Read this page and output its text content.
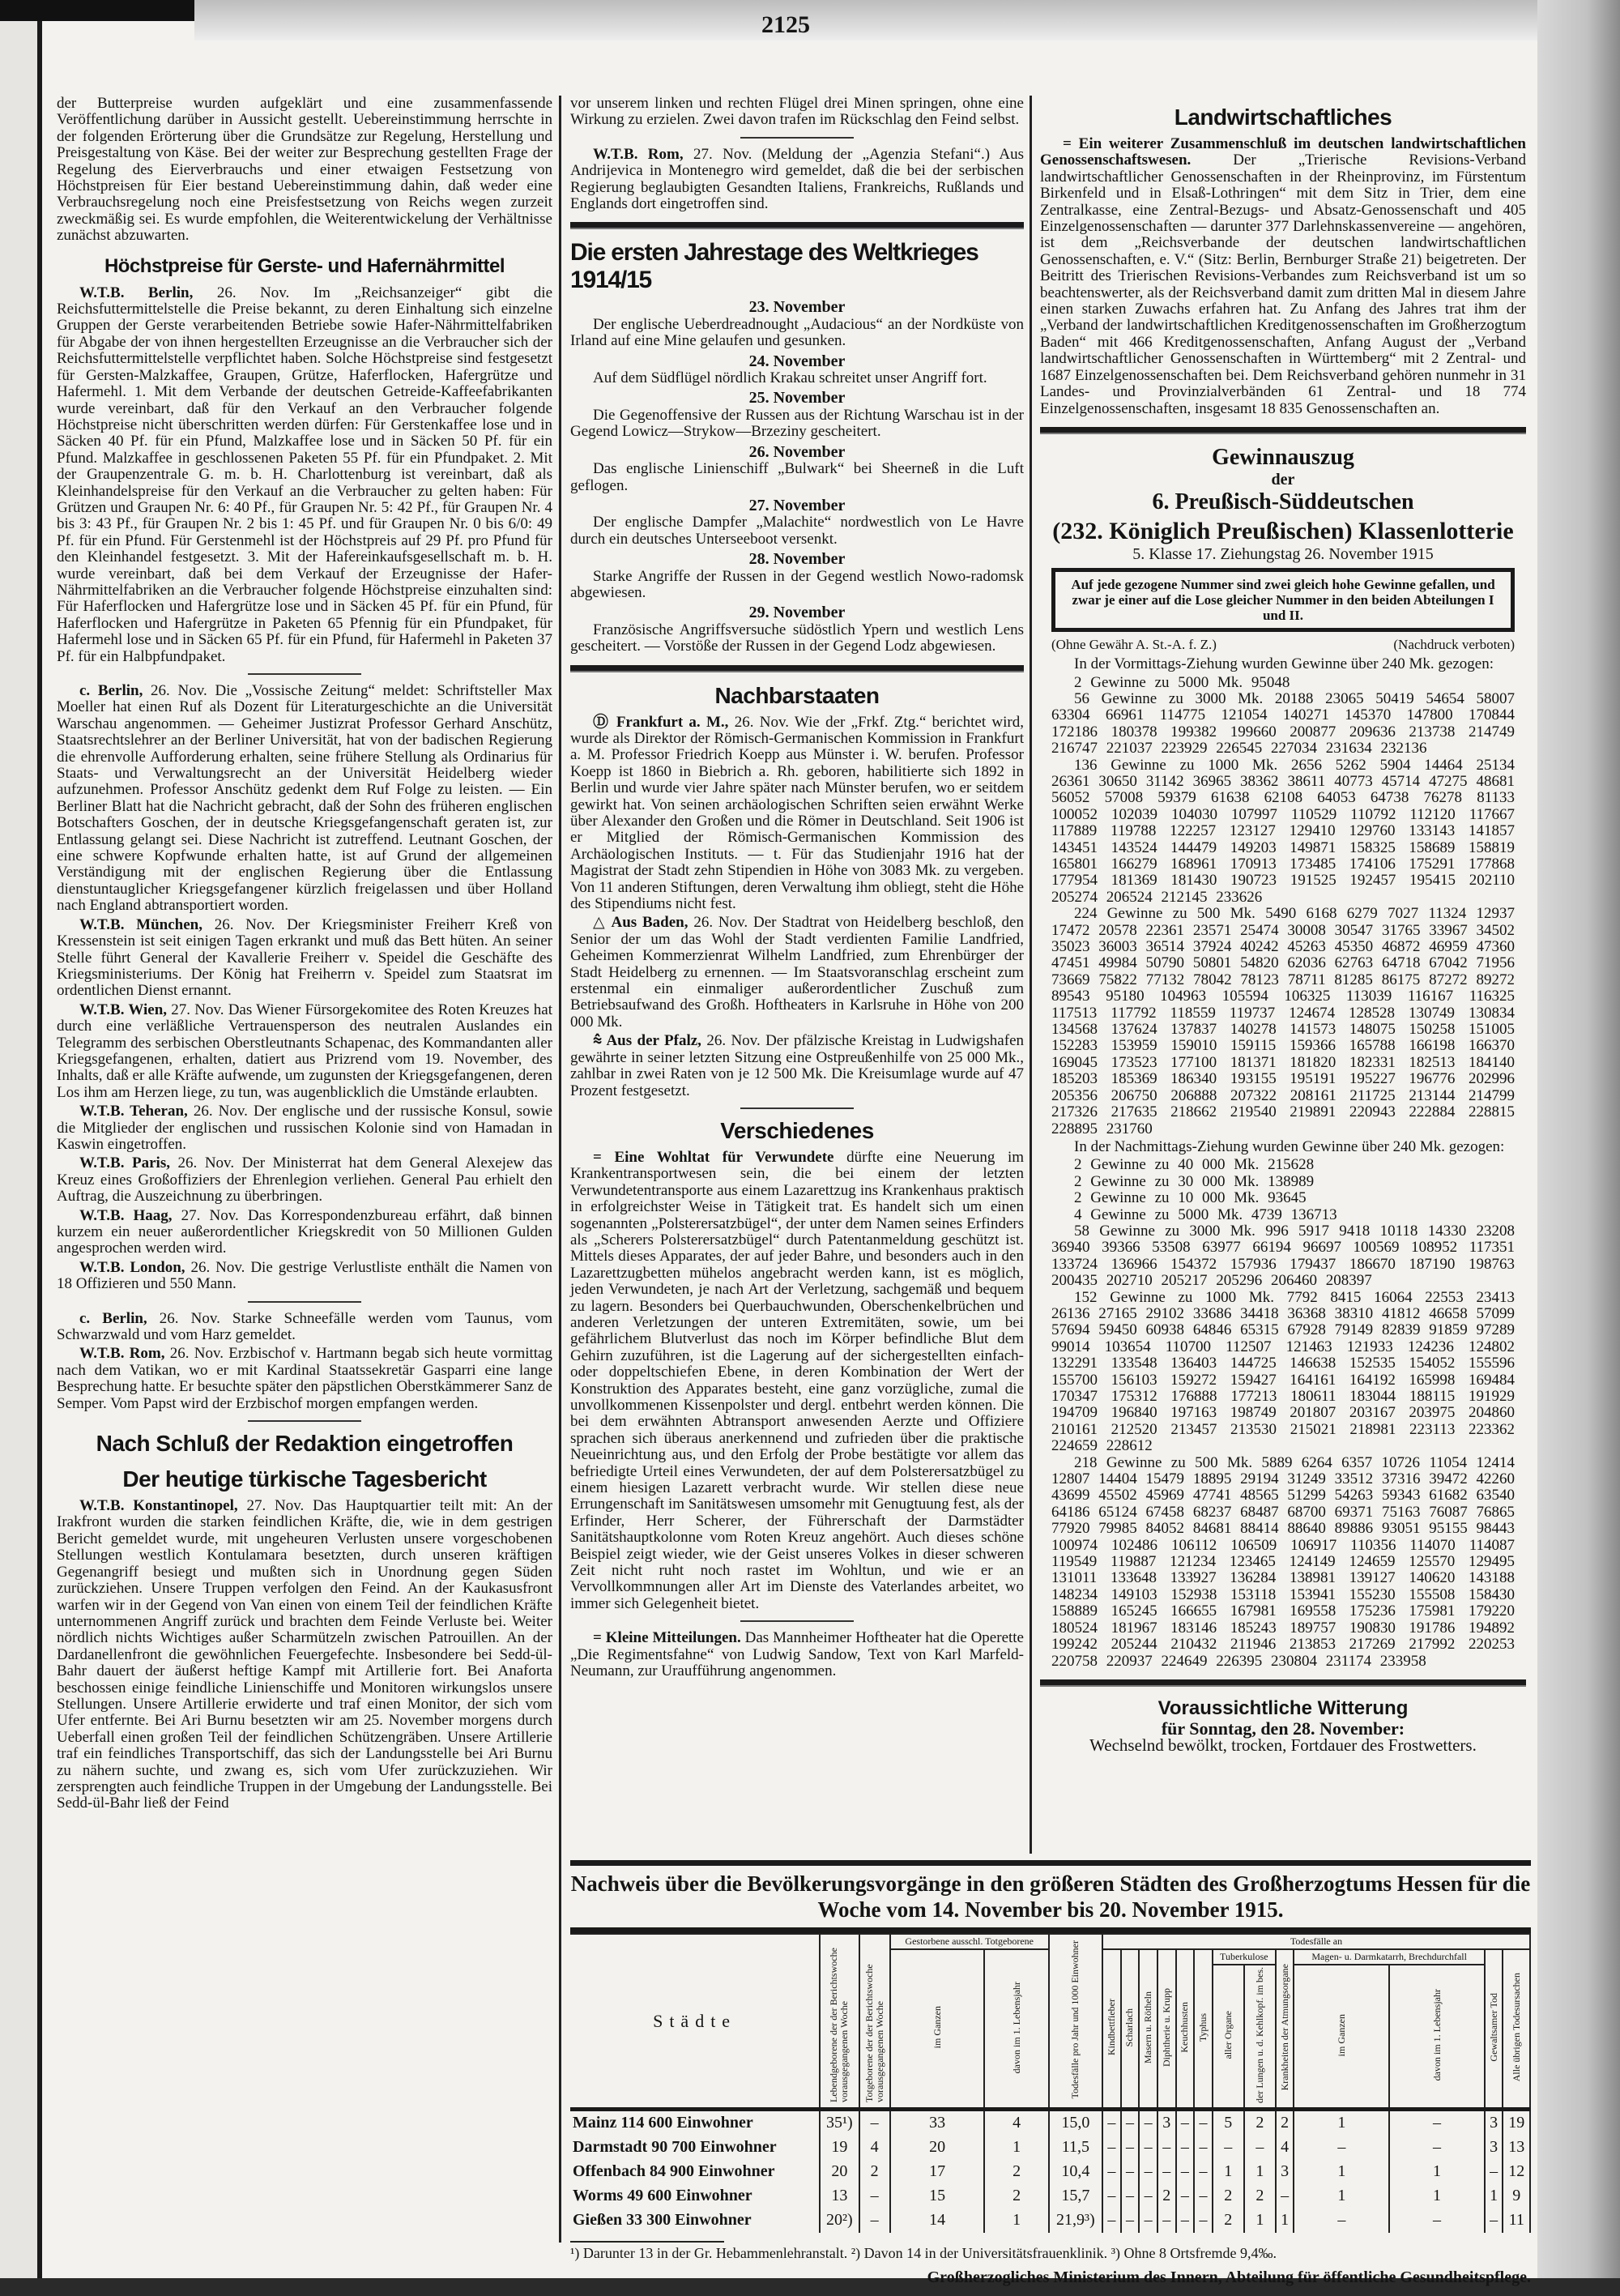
2125

der Butterpreise wurden aufgeklärt und eine zusammenfassende Veröffentlichung darüber in Aussicht gestellt. Uebereinstimmung herrschte in der folgenden Erörterung über die Grundsätze zur Regelung, Herstellung und Preisgestaltung von Käse. Bei der weiter zur Besprechung gestellten Frage der Regelung des Eierverbrauchs und einer etwaigen Festsetzung von Höchstpreisen für Eier bestand Uebereinstimmung dahin, daß weder eine Verbrauchsregelung noch eine Preisfestsetzung von Reichs wegen zurzeit zweckmäßig sei. Es wurde empfohlen, die Weiterentwickelung der Verhältnisse zunächst abzuwarten.

Höchstpreise für Gerste- und Hafernährmittel

W.T.B. Berlin, 26. Nov. Im „Reichsanzeiger“ gibt die Reichsfuttermittelstelle die Preise bekannt, zu deren Einhaltung sich einzelne Gruppen der Gerste verarbeitenden Betriebe sowie Hafer-Nährmittelfabriken für Abgabe der von ihnen hergestellten Erzeugnisse an die Verbraucher sich der Reichsfuttermittelstelle verpflichtet haben. Solche Höchstpreise sind festgesetzt für Gersten-Malzkaffee, Graupen, Grütze, Haferflocken, Hafergrütze und Hafermehl. 1. Mit dem Verbande der deutschen Getreide-Kaffeefabrikanten wurde vereinbart, daß für den Verkauf an den Verbraucher folgende Höchstpreise nicht überschritten werden dürfen: Für Gerstenkaffee lose und in Säcken 40 Pf. für ein Pfund, Malzkaffee lose und in Säcken 50 Pf. für ein Pfund. Malzkaffee in geschlossenen Paketen 55 Pf. für ein Pfundpaket. 2. Mit der Graupenzentrale G. m. b. H. Charlottenburg ist vereinbart, daß als Kleinhandelspreise für den Verkauf an die Verbraucher zu gelten haben: Für Grützen und Graupen Nr. 6: 40 Pf., für Graupen Nr. 5: 42 Pf., für Graupen Nr. 4 bis 3: 43 Pf., für Graupen Nr. 2 bis 1: 45 Pf. und für Graupen Nr. 0 bis 6/0: 49 Pf. für ein Pfund. Für Gerstenmehl ist der Höchstpreis auf 29 Pf. pro Pfund für den Kleinhandel festgesetzt. 3. Mit der Hafereinkaufsgesellschaft m. b. H. wurde vereinbart, daß bei dem Verkauf der Erzeugnisse der Hafer-Nährmittelfabriken an die Verbraucher folgende Höchstpreise einzuhalten sind: Für Haferflocken und Hafergrütze lose und in Säcken 45 Pf. für ein Pfund, für Haferflocken und Hafergrütze in Paketen 65 Pfennig für ein Pfundpaket, für Hafermehl lose und in Säcken 65 Pf. für ein Pfund, für Hafermehl in Paketen 37 Pf. für ein Halbpfundpaket.

c. Berlin, 26. Nov. Die „Vossische Zeitung“ meldet: Schriftsteller Max Moeller hat einen Ruf als Dozent für Literaturgeschichte an die Universität Warschau angenommen. — Geheimer Justizrat Professor Gerhard Anschütz, Staatsrechtslehrer an der Berliner Universität, hat von der badischen Regierung die ehrenvolle Aufforderung erhalten, seine frühere Stellung als Ordinarius für Staats- und Verwaltungsrecht an der Universität Heidelberg wieder aufzunehmen. Professor Anschütz gedenkt dem Ruf Folge zu leisten. — Ein Berliner Blatt hat die Nachricht gebracht, daß der Sohn des früheren englischen Botschafters Goschen, der in deutsche Kriegsgefangenschaft geraten ist, zur Entlassung gelangt sei. Diese Nachricht ist zutreffend. Leutnant Goschen, der eine schwere Kopfwunde erhalten hatte, ist auf Grund der allgemeinen Verständigung mit der englischen Regierung über die Entlassung dienstuntauglicher Kriegsgefangener kürzlich freigelassen und über Holland nach England abtransportiert worden.

W.T.B. München, 26. Nov. Der Kriegsminister Freiherr Kreß von Kressenstein ist seit einigen Tagen erkrankt und muß das Bett hüten. An seiner Stelle führt General der Kavallerie Freiherr v. Speidel die Geschäfte des Kriegsministeriums. Der König hat Freiherrn v. Speidel zum Staatsrat im ordentlichen Dienst ernannt.

W.T.B. Wien, 27. Nov. Das Wiener Fürsorgekomitee des Roten Kreuzes hat durch eine verläßliche Vertrauensperson des neutralen Auslandes ein Telegramm des serbischen Oberstleutnants Schapenac, des Kommandanten aller Kriegsgefangenen, erhalten, datiert aus Prizrend vom 19. November, des Inhalts, daß er alle Kräfte aufwende, um zugunsten der Kriegsgefangenen, deren Los ihm am Herzen liege, zu tun, was augenblicklich die Umstände erlaubten.

W.T.B. Teheran, 26. Nov. Der englische und der russische Konsul, sowie die Mitglieder der englischen und russischen Kolonie sind von Hamadan in Kaswin eingetroffen.

W.T.B. Paris, 26. Nov. Der Ministerrat hat dem General Alexejew das Kreuz eines Großoffiziers der Ehrenlegion verliehen. General Pau erhielt den Auftrag, die Auszeichnung zu überbringen.

W.T.B. Haag, 27. Nov. Das Korrespondenzbureau erfährt, daß binnen kurzem ein neuer außerordentlicher Kriegskredit von 50 Millionen Gulden angesprochen werden wird.

W.T.B. London, 26. Nov. Die gestrige Verlustliste enthält die Namen von 18 Offizieren und 550 Mann.

c. Berlin, 26. Nov. Starke Schneefälle werden vom Taunus, vom Schwarzwald und vom Harz gemeldet.

W.T.B. Rom, 26. Nov. Erzbischof v. Hartmann begab sich heute vormittag nach dem Vatikan, wo er mit Kardinal Staatssekretär Gasparri eine lange Besprechung hatte. Er besuchte später den päpstlichen Oberstkämmerer Sanz de Semper. Vom Papst wird der Erzbischof morgen empfangen werden.

Nach Schluß der Redaktion eingetroffen
Der heutige türkische Tagesbericht

W.T.B. Konstantinopel, 27. Nov. Das Hauptquartier teilt mit: An der Irakfront wurden die starken feindlichen Kräfte, die, wie in dem gestrigen Bericht gemeldet wurde, mit ungeheuren Verlusten unsere vorgeschobenen Stellungen westlich Kontulamara besetzten, durch unseren kräftigen Gegenangriff besiegt und mußten sich in Unordnung gegen Süden zurückziehen. Unsere Truppen verfolgen den Feind. An der Kaukasusfront warfen wir in der Gegend von Van einen von einem Teil der feindlichen Kräfte unternommenen Angriff zurück und brachten dem Feinde Verluste bei. Weiter nördlich nichts Wichtiges außer Scharmützeln zwischen Patrouillen. An der Dardanellenfront die gewöhnlichen Feuergefechte. Insbesondere bei Sedd-ül-Bahr dauert der äußerst heftige Kampf mit Artillerie fort. Bei Anaforta beschossen einige feindliche Linienschiffe und Monitoren wirkungslos unsere Stellungen. Unsere Artillerie erwiderte und traf einen Monitor, der sich vom Ufer entfernte. Bei Ari Burnu besetzten wir am 25. November morgens durch Ueberfall einen großen Teil der feindlichen Schützengräben. Unsere Artillerie traf ein feindliches Transportschiff, das sich der Landungsstelle bei Ari Burnu zu nähern suchte, und zwang es, sich vom Ufer zurückzuziehen. Wir zersprengten auch feindliche Truppen in der Umgebung der Landungsstelle. Bei Sedd-ül-Bahr ließ der Feind

vor unserem linken und rechten Flügel drei Minen springen, ohne eine Wirkung zu erzielen. Zwei davon trafen im Rückschlag den Feind selbst.

W.T.B. Rom, 27. Nov. (Meldung der „Agenzia Stefani“.) Aus Andrijevica in Montenegro wird gemeldet, daß die bei der serbischen Regierung beglaubigten Gesandten Italiens, Frankreichs, Rußlands und Englands dort eingetroffen sind.

Die ersten Jahrestage des Weltkrieges 1914/15
23. November

Der englische Ueberdreadnought „Audacious“ an der Nordküste von Irland auf eine Mine gelaufen und gesunken.

24. November

Auf dem Südflügel nördlich Krakau schreitet unser Angriff fort.

25. November

Die Gegenoffensive der Russen aus der Richtung Warschau ist in der Gegend Lowicz—Strykow—Brzeziny gescheitert.

26. November

Das englische Linienschiff „Bulwark“ bei Sheerneß in die Luft geflogen.

27. November

Der englische Dampfer „Malachite“ nordwestlich von Le Havre durch ein deutsches Unterseeboot versenkt.

28. November

Starke Angriffe der Russen in der Gegend westlich Nowo-radomsk abgewiesen.

29. November

Französische Angriffsversuche südöstlich Ypern und westlich Lens gescheitert. — Vorstöße der Russen in der Gegend Lodz abgewiesen.

Nachbarstaaten

Ⓓ Frankfurt a. M., 26. Nov. Wie der „Frkf. Ztg.“ berichtet wird, wurde als Direktor der Römisch-Germanischen Kommission in Frankfurt a. M. Professor Friedrich Koepp aus Münster i. W. berufen. Professor Koepp ist 1860 in Biebrich a. Rh. geboren, habilitierte sich 1892 in Berlin und wurde vier Jahre später nach Münster berufen, wo er seitdem gewirkt hat. Von seinen archäologischen Schriften seien erwähnt Werke über Alexander den Großen und die Römer in Deutschland. Seit 1906 ist er Mitglied der Römisch-Germanischen Kommission des Archäologischen Instituts. — t. Für das Studienjahr 1916 hat der Magistrat der Stadt zehn Stipendien in Höhe von 3083 Mk. zu vergeben. Von 11 anderen Stiftungen, deren Verwaltung ihm obliegt, steht die Höhe des Stipendiums nicht fest.

△ Aus Baden, 26. Nov. Der Stadtrat von Heidelberg beschloß, den Senior der um das Wohl der Stadt verdienten Familie Landfried, Geheimen Kommerzienrat Wilhelm Landfried, zum Ehrenbürger der Stadt Heidelberg zu ernennen. — Im Staatsvoranschlag erscheint zum erstenmal ein einmaliger außerordentlicher Zuschuß zum Betriebsaufwand des Großh. Hoftheaters in Karlsruhe in Höhe von 200 000 Mk.

⩯ Aus der Pfalz, 26. Nov. Der pfälzische Kreistag in Ludwigshafen gewährte in seiner letzten Sitzung eine Ostpreußenhilfe von 25 000 Mk., zahlbar in zwei Raten von je 12 500 Mk. Die Kreisumlage wurde auf 47 Prozent festgesetzt.

Verschiedenes

= Eine Wohltat für Verwundete dürfte eine Neuerung im Krankentransportwesen sein, die bei einem der letzten Verwundetentransporte aus einem Lazarettzug ins Krankenhaus praktisch in erfolgreichster Weise in Tätigkeit trat. Es handelt sich um einen sogenannten „Polsterersatzbügel“, der unter dem Namen seines Erfinders als „Scherers Polsterersatzbügel“ durch Patentanmeldung geschützt ist. Mittels dieses Apparates, der auf jeder Bahre, und besonders auch in den Lazarettzugbetten mühelos angebracht werden kann, ist es möglich, jeden Verwundeten, je nach Art der Verletzung, sachgemäß und bequem zu lagern. Besonders bei Querbauchwunden, Oberschenkelbrüchen und anderen Verletzungen der unteren Extremitäten, sowie, um bei gefährlichem Blutverlust das noch im Körper befindliche Blut dem Gehirn zuzuführen, ist die Lagerung auf der sichergestellten einfach- oder doppeltschiefen Ebene, in deren Kombination der Wert der Konstruktion des Apparates besteht, eine ganz vorzügliche, zumal die unvollkommenen Kissenpolster und dergl. entbehrt werden können. Die bei dem erwähnten Abtransport anwesenden Aerzte und Offiziere sprachen sich überaus anerkennend und zufrieden über die praktische Neueinrichtung aus, und den Erfolg der Probe bestätigte vor allem das befriedigte Urteil eines Verwundeten, der auf dem Polsterersatzbügel zu einem hiesigen Lazarett verbracht wurde. Wir stellen diese neue Errungenschaft im Sanitätswesen umsomehr mit Genugtuung fest, als der Erfinder, Herr Scherer, der Führerschaft der Darmstädter Sanitätshauptkolonne vom Roten Kreuz angehört. Auch dieses schöne Beispiel zeigt wieder, wie der Geist unseres Volkes in dieser schweren Zeit nicht ruht noch rastet im Wohltun, und wie er an Vervollkommnungen aller Art im Dienste des Vaterlandes arbeitet, wo immer sich Gelegenheit bietet.

= Kleine Mitteilungen. Das Mannheimer Hoftheater hat die Operette „Die Regimentsfahne“ von Ludwig Sandow, Text von Karl Marfeld-Neumann, zur Uraufführung angenommen.

Landwirtschaftliches

= Ein weiterer Zusammenschluß im deutschen landwirtschaftlichen Genossenschaftswesen.	Der „Trierische Revisions-Verband landwirtschaftlicher Genossenschaften in der Rheinprovinz, im Fürstentum Birkenfeld und in Elsaß-Lothringen“ mit dem Sitz in Trier, dem eine Zentralkasse, eine Zentral-Bezugs- und Absatz-Genossenschaft und 405 Einzelgenossenschaften — darunter 377 Darlehnskassenvereine — angehören, ist dem „Reichsverbande der deutschen landwirtschaftlichen Genossenschaften, e. V.“ (Sitz: Berlin, Bernburger Straße 21) beigetreten. Der Beitritt des Trierischen Revisions-Verbandes zum Reichsverband ist um so beachtenswerter, als der Reichsverband damit zum dritten Mal in diesem Jahre einen starken Zuwachs erfahren hat. Zu Anfang des Jahres trat ihm der „Verband der landwirtschaftlichen Kreditgenossenschaften im Großherzogtum Baden“ mit 466 Kreditgenossenschaften, Anfang August der „Verband landwirtschaftlicher Genossenschaften in Württemberg“ mit 2 Zentral- und 1687 Einzelgenossenschaften bei. Dem Reichsverband gehören nunmehr in 31 Landes- und Provinzialverbänden 61 Zentral- und 18 774 Einzelgenossenschaften, insgesamt 18 835 Genossenschaften an.

Gewinnauszug
der
6. Preußisch-Süddeutschen
(232. Königlich Preußischen) Klassenlotterie
5. Klasse 17. Ziehungstag 26. November 1915
Auf jede gezogene Nummer sind zwei gleich hohe Gewinne gefallen, und zwar je einer auf die Lose gleicher Nummer in den beiden Abteilungen I und II.
(Ohne Gewähr A. St.-A. f. Z.)	(Nachdruck verboten)
In der Vormittags-Ziehung wurden Gewinne über 240 Mk. gezogen:
2 Gewinne zu 5000 Mk. 95048
56 Gewinne zu 3000 Mk. 20188 23065 50419 54654 58007 63304 66961 114775 121054 140271 145370 147800 170844 172186 180378 199382 199660 200877 209636 213738 214749 216747 221037 223929 226545 227034 231634 232136
136 Gewinne zu 1000 Mk. 2656 5262 5904 14464 25134 26361 30650 31142 36965 38362 38611 40773 45714 47275 48681 56052 57008 59379 61638 62108 64053 64738 76278 81133 100052 102039 104030 107997 110529 110792 112120 117667 117889 119788 122257 123127 129410 129760 133143 141857 143451 143524 144479 149203 149871 158325 158689 158819 165801 166279 168961 170913 173485 174106 175291 177868 177954 181369 181430 190723 191525 192457 195415 202110 205274 206524 212145 233626
224 Gewinne zu 500 Mk. 5490 6168 6279 7027 11324 12937 17472 20578 22361 23571 25474 30008 30547 31765 33967 34502 35023 36003 36514 37924 40242 45263 45350 46872 46959 47360 47451 49984 50790 50801 54820 62036 62763 64718 67042 71956 73669 75822 77132 78042 78123 78711 81285 86175 87272 89272 89543 95180 104963 105594 106325 113039 116167 116325 117513 117792 118559 119737 124674 128528 130749 130834 134568 137624 137837 140278 141573 148075 150258 151005 152283 153959 159010 159115 159366 165788 166198 166370 169045 173523 177100 181371 181820 182331 182513 184140 185203 185369 186340 193155 195191 195227 196776 202996 205356 206750 206888 207322 208161 211725 213144 214799 217326 217635 218662 219540 219891 220943 222884 228815 228895 231760
In der Nachmittags-Ziehung wurden Gewinne über 240 Mk. gezogen:
2 Gewinne zu 40 000 Mk. 215628
2 Gewinne zu 30 000 Mk. 138989
2 Gewinne zu 10 000 Mk. 93645
4 Gewinne zu 5000 Mk. 4739 136713
58 Gewinne zu 3000 Mk. 996 5917 9418 10118 14330 23208 36940 39366 53508 63977 66194 96697 100569 108952 117351 133724 136966 154372 157936 179437 186670 187190 198763 200435 202710 205217 205296 206460 208397
152 Gewinne zu 1000 Mk. 7792 8415 16064 22553 23413 26136 27165 29102 33686 34418 36368 38310 41812 46658 57099 57694 59450 60938 64846 65315 67928 79149 82839 91859 97289 99014 103654 110700 112507 121463 121933 124236 124802 132291 133548 136403 144725 146638 152535 154052 155596 155700 156103 159272 159427 164161 164192 165998 169484 170347 175312 176888 177213 180611 183044 188115 191929 194709 196840 197163 198749 201807 203167 203975 204860 210161 212520 213457 213530 215021 218981 223113 223362 224659 228612
218 Gewinne zu 500 Mk. 5889 6264 6357 10726 11054 12414 12807 14404 15479 18895 29194 31249 33512 37316 39472 42260 43699 45502 45969 47741 48565 51299 54263 59343 61682 63540 64186 65124 67458 68237 68487 68700 69371 75163 76087 76865 77920 79985 84052 84681 88414 88640 89886 93051 95155 98443 100974 102486 106112 106509 106917 110356 114070 114087 119549 119887 121234 123465 124149 124659 125570 129495 131011 133648 133927 136284 138981 139127 140620 143188 148234 149103 152938 153118 153941 155230 155508 158430 158889 165245 166655 167981 169558 175236 175981 179220 180524 181967 183146 185243 189757 190830 191786 194892 199242 205244 210432 211946 213853 217269 217992 220253 220758 220937 224649 226395 230804 231174 233958
Voraussichtliche Witterung
für Sonntag, den 28. November:
Wechselnd bewölkt, trocken, Fortdauer des Frostwetters.
Nachweis über die Bevölkerungsvorgänge in den größeren Städten des Großherzogtums Hessen für die Woche vom 14. November bis 20. November 1915.
Städte	Lebendgeborene der der Berichtswoche vorausgegangenen Woche	Totgeborene der der Berichtswoche vorausgegangenen Woche	Gestorbene ausschl. Totgeborene		Todesfälle pro Jahr und 1000 Einwohner	Todesfälle an												
			im Ganzen	davon im 1. Lebensjahr		Kindbettfieber	Scharlach	Masern u. Rötheln	Diphtherie u. Krupp	Keuchhusten	Typhus	Tuberkulose		Krankheiten der Atmungsorgane	Magen- u. Darmkatarrh, Brechdurchfall		Gewaltsamer Tod	Alle übrigen Todesursachen
												aller Organe	der Lungen u. d. Kehlkopf. im bes.		im Ganzen	davon im 1. Lebensjahr		
Mainz 114 600 Einwohner	35¹)	–	33	4	15,0	–	–	–	3	–	–	5	2	2	1	–	3	19
Darmstadt 90 700 Einwohner	19	4	20	1	11,5	–	–	–	–	–	–	–	–	4	–	–	3	13
Offenbach 84 900 Einwohner	20	2	17	2	10,4	–	–	–	–	–	–	1	1	3	1	1	–	12
Worms 49 600 Einwohner	13	–	15	2	15,7	–	–	–	2	–	–	2	2	–	1	1	1	9
Gießen 33 300 Einwohner	20²)	–	14	1	21,9³)	–	–	–	–	–	–	2	1	1	–	–	–	11
¹) Darunter 13 in der Gr. Hebammenlehranstalt. ²) Davon 14 in der Universitätsfrauenklinik. ³) Ohne 8 Ortsfremde 9,4‰.
Großherzogliches Ministerium des Innern, Abteilung für öffentliche Gesundheitspflege.
